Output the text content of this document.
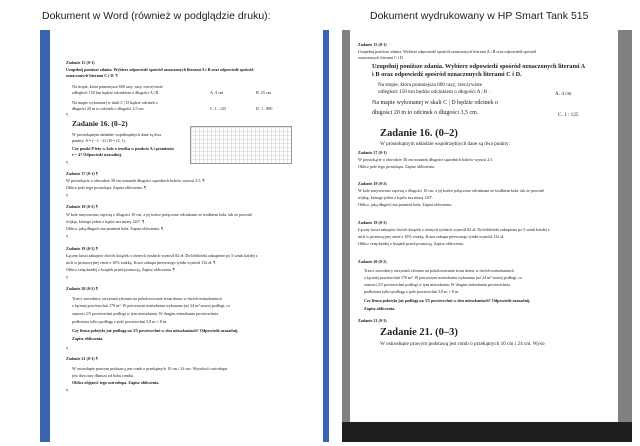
Dokument w Word (również w podglądzie druku):	Dokument wydrukowany w HP Smart Tank 515
Zadanie 15 (0-1)
Uzupełnij poniższe zdania. Wybierz odpowiedź spośród oznaczonych literami A i B oraz odpowiedź spośród
oznaczonych literami C i D. ¶
Na stopie, która pomniejsza 600 razy, razy, rzeczywiste
odległość 150 km będzie odcinkiem o długości A | B .	A. 4 cm	B. 25 cm
Na mapie wykonanej w skali C | D będzie odcinek o
długości 20 m to odcinek o długości 3,5 cm.	C. 1 : 125	D. 1 : 800
¶
Zadanie 16. (0–2)
W prostokątnym układzie współrzędnych dane są dwa
punkty: A = (−1, −2) i B = (2, 1).
Czy punkt P leży w kole o środku w punkcie A i promieniu
r = 4? Odpowiedź uzasadnij.
¶
Zadanie 17 (0-1) ¶
W prostokącie o obwodzie 38 cm stosunek długości sąsiednich boków wynosi 2:5. ¶
Oblicz pole tego prostokąta. Zapisz obliczenia. ¶
¶
Zadanie 18 (0-2) ¶
W kole narysowano cięciwę o długości 10 cm, a jej końce połączono odcinkami ze środkiem koła, tak że powstał
trójkąt, którego jeden z kątów ma miarę 120°. ¶
Oblicz, jaką długość ma promień koła. Zapisz obliczenia. ¶
¶
Zadanie 19 (0-3) ¶
Łączny koszt zakupów dwóch książek o różnych tytułach wynosił 82 zł. Do biblioteki zakupiono po 5 sztuk każdej z
nich w promocyjnej cenie z 10% zniżką. Koszt zakupu pierwszego tytułu wyniósł 132 zł. ¶
Oblicz cenę każdej z książek przed promocją. Zapisz obliczenia. ¶
¶
Zadanie 20 (0-2) ¶
Trzeci zawodnicy otrzymali zlecenie na pokolorowanie ścian domu w dwóch mieszkaniach
o łącznej powierzchni 170 m². W pierwszym mieszkaniu wykonano już 24 m² nowej podłogi, co
stanowi 2/5 powierzchni podłogi w tym mieszkaniu. W drugim mieszkaniu powierzchnia
podłożona tylko podłogę o pole powierzchni 5,8 m × 8 m.
Czy firma położyła już podłogę na 3/5 powierzchni w obu mieszkaniach? Odpowiedź uzasadnij.
Zapisz obliczenia.
¶
Zadanie 21 (0-3) ¶
W ostrosłupie prawym podstawą jest romb o przekątnych 10 cm i 24 cm. Wysokość ostrosłupa
jest dwa razy dłuższa od boku rombu.
Oblicz objętość tego ostrosłupa. Zapisz obliczenia.
¶
Zadanie 15 (0-1)
Uzupełnij poniższe zdania. Wybierz odpowiedź spośród oznaczonych literami A i B oraz odpowiedź spośród
oznaczonych literami C i D.
Uzupełnij poniższe zdania. Wybierz odpowiedź spośród oznaczonych literami A
i B oraz odpowiedź spośród oznaczonych literami C i D.
Na stopie, która pomniejsza 600 razy, rzeczywiste
odległość 150 km będzie odcinkiem o długości A | B .	A. 4 cm
Na mapie wykonanej w skali C | D będzie odcinek o
długości 20 m to odcinek o długości 3,5 cm.	C. 1 : 125
Zadanie 16. (0–2)
W prostokątnym układzie współrzędnych dane są dwa punkty:
Zadanie 17 (0-1)
W prostokącie o obwodzie 38 cm stosunek długości sąsiednich boków wynosi 2:5.
Oblicz pole tego prostokąta. Zapisz obliczenia.
Zadanie 18 (0-2)
W kole narysowano cięciwę o długości 10 cm, a jej końce połączono odcinkami ze środkiem koła, tak że powstał
trójkąt, którego jeden z kątów ma miarę 120°.
Oblicz, jaką długość ma promień koła. Zapisz obliczenia.
Zadanie 19 (0-3)
Łączny koszt zakupów dwóch książek o różnych tytułach wynosił 82 zł. Do biblioteki zakupiono po 5 sztuk każdej z
nich w promocyjnej cenie z 10% zniżką. Koszt zakupu pierwszego tytułu wyniósł 132 zł.
Oblicz cenę każdej z książek przed promocją. Zapisz obliczenia.
Zadanie 20 (0-2)
Trzeci zawodnicy otrzymali zlecenie na pokolorowanie ścian domu w dwóch mieszkaniach
o łącznej powierzchni 170 m². W pierwszym mieszkaniu wykonano już 24 m² nowej podłogi, co
stanowi 2/5 powierzchni podłogi w tym mieszkaniu. W drugim mieszkaniu powierzchnia
podłożona tylko podłogę o pole powierzchni 5,8 m × 8 m.
Czy firma położyła już podłogę na 3/5 powierzchni w obu mieszkaniach? Odpowiedź uzasadnij.
Zapisz obliczenia.
Zadanie 21 (0-3)
Zadanie 21. (0–3)
W ostrosłupie prawym podstawą jest romb o przekątnych 10 cm i 24 cm. Wyso
